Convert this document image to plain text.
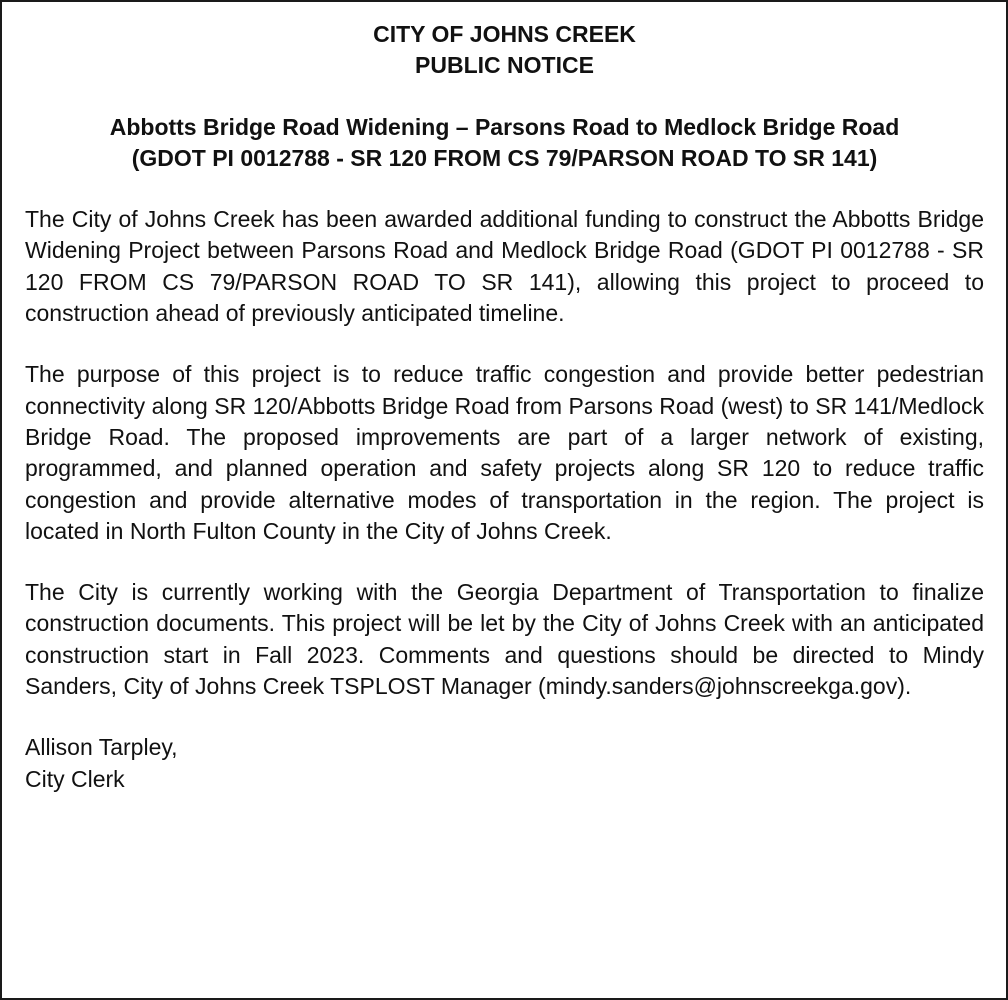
CITY OF JOHNS CREEK
PUBLIC NOTICE
Abbotts Bridge Road Widening – Parsons Road to Medlock Bridge Road
(GDOT PI 0012788 - SR 120 FROM CS 79/PARSON ROAD TO SR 141)

The City of Johns Creek has been awarded additional funding to construct the Abbotts Bridge Widening Project between Parsons Road and Medlock Bridge Road (GDOT PI 0012788 - SR 120 FROM CS 79/PARSON ROAD TO SR 141), allowing this project to proceed to construction ahead of previously anticipated timeline.

The purpose of this project is to reduce traffic congestion and provide better pedestrian connectivity along SR 120/Abbotts Bridge Road from Parsons Road (west) to SR 141/Medlock Bridge Road. The proposed improvements are part of a larger network of existing, programmed, and planned operation and safety projects along SR 120 to reduce traffic congestion and provide alternative modes of transportation in the region. The project is located in North Fulton County in the City of Johns Creek.

The City is currently working with the Georgia Department of Transportation to finalize construction documents. This project will be let by the City of Johns Creek with an anticipated construction start in Fall 2023. Comments and questions should be directed to Mindy Sanders, City of Johns Creek TSPLOST Manager (mindy.sanders@johnscreekga.gov).

Allison Tarpley,
City Clerk
